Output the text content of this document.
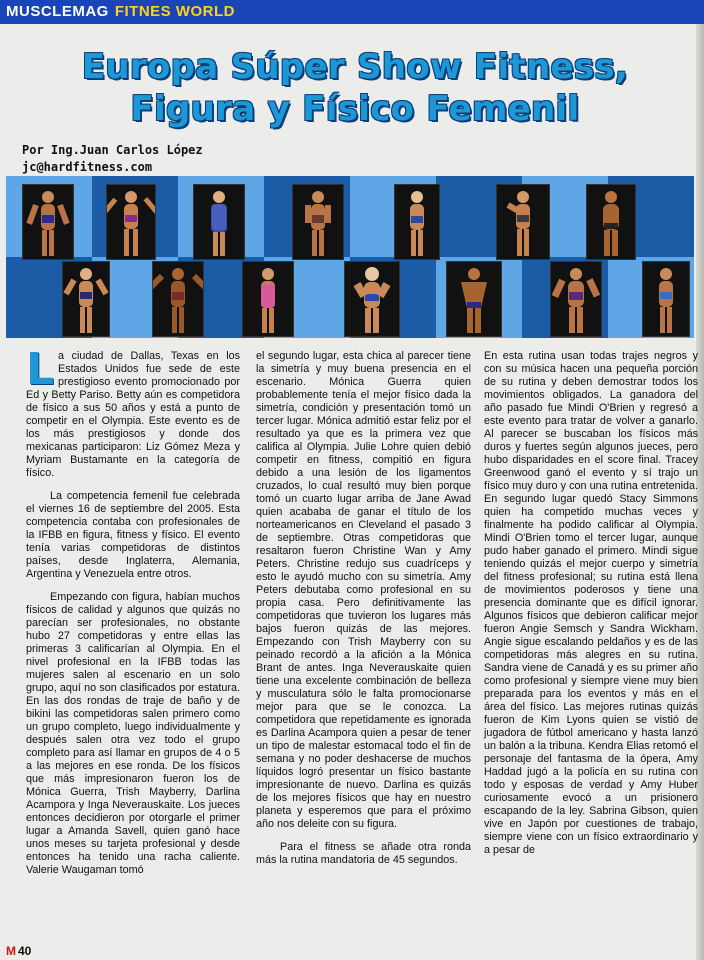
MUSCLEMAG FITNES WORLD
Europa Súper Show Fitness,
Figura y Físico Femenil
Por Ing.Juan Carlos López
jc@hardfitness.com

La ciudad de Dallas, Texas en los Estados Unidos fue sede de este prestigioso evento promocionado por Ed y Betty Pariso. Betty aún es competidora de físico a sus 50 años y está a punto de competir en el Olympia. Este evento es de los más prestigiosos y donde dos mexicanas participaron: Liz Gómez Meza y Myriam Bustamante en la categoría de físico.

La competencia femenil fue celebrada el viernes 16 de septiembre del 2005. Esta competencia contaba con profesionales de la IFBB en figura, fitness y físico. El evento tenía varias competidoras de distintos países, desde Inglaterra, Alemania, Argentina y Venezuela entre otros.

Empezando con figura, habían muchos físicos de calidad y algunos que quizás no parecían ser profesionales, no obstante hubo 27 competidoras y entre ellas las primeras 3 calificarían al Olympia. En el nivel profesional en la IFBB todas las mujeres salen al escenario en un solo grupo, aquí no son clasificados por estatura. En las dos rondas de traje de baño y de bikini las competidoras salen primero como un grupo completo, luego individualmente y después salen otra vez todo el grupo completo para así llamar en grupos de 4 o 5 a las mejores en ese ronda. De los físicos que más impresionaron fueron los de Mónica Guerra, Trish Mayberry, Darlina Acampora y Inga Neverauskaite. Los jueces entonces decidieron por otorgarle el primer lugar a Amanda Savell, quien ganó hace unos meses su tarjeta profesional y desde entonces ha tenido una racha caliente. Valerie Waugaman tomó

el segundo lugar, esta chica al parecer tiene la simetría y muy buena presencia en el escenario. Mónica Guerra quien probablemente tenía el mejor físico dada la simetría, condición y presentación tomó un tercer lugar. Mónica admitió estar feliz por el resultado ya que es la primera vez que califica al Olympia. Julie Lohre quien debió competir en fitness, compitió en figura debido a una lesión de los ligamentos cruzados, lo cual resultó muy bien porque tomó un cuarto lugar arriba de Jane Awad quien acababa de ganar el título de los norteamericanos en Cleveland el pasado 3 de septiembre. Otras competidoras que resaltaron fueron Christine Wan y Amy Peters. Christine redujo sus cuadríceps y esto le ayudó mucho con su simetría. Amy Peters debutaba como profesional en su propia casa. Pero definitivamente las competidoras que tuvieron los lugares más bajos fueron quizás de las mejores. Empezando con Trish Mayberry con su peinado recordó a la afición a la Mónica Brant de antes. Inga Neverauskaite quien tiene una excelente combinación de belleza y musculatura sólo le falta promocionarse mejor para que se le conozca. La competidora que repetidamente es ignorada es Darlina Acampora quien a pesar de tener un tipo de malestar estomacal todo el fin de semana y no poder deshacerse de muchos líquidos logró presentar un físico bastante impresionante de nuevo. Darlina es quizás de los mejores físicos que hay en nuestro planeta y esperemos que para el próximo año nos deleite con su figura.

Para el fitness se añade otra ronda más la rutina mandatoria de 45 segundos.

En esta rutina usan todas trajes negros y con su música hacen una pequeña porción de su rutina y deben demostrar todos los movimientos obligados. La ganadora del año pasado fue Mindi O'Brien y regresó a este evento para tratar de volver a ganarlo. Al parecer se buscaban los físicos más duros y fuertes según algunos jueces, pero hubo disparidades en el score final. Tracey Greenwood ganó el evento y sí trajo un físico muy duro y con una rutina entretenida. En segundo lugar quedó Stacy Simmons quien ha competido muchas veces y finalmente ha podido calificar al Olympia. Mindi O'Brien tomo el tercer lugar, aunque pudo haber ganado el primero. Mindi sigue teniendo quizás el mejor cuerpo y simetría del fitness profesional; su rutina está llena de movimientos poderosos y tiene una presencia dominante que es difícil ignorar. Algunos físicos que debieron calificar mejor fueron Angie Semsch y Sandra Wickham. Angie sigue escalando peldaños y es de las competidoras más alegres en su rutina. Sandra viene de Canadá y es su primer año como profesional y siempre viene muy bien preparada para los eventos y más en el área del físico. Las mejores rutinas quizás fueron de Kim Lyons quien se vistió de jugadora de fútbol americano y hasta lanzó un balón a la tribuna. Kendra Elias retomó el personaje del fantasma de la ópera, Amy Haddad jugó a la policía en su rutina con todo y esposas de verdad y Amy Huber curiosamente evocó a un prisionero escapando de la ley. Sabrina Gibson, quien vive en Japón por cuestiones de trabajo, siempre viene con un físico extraordinario y a pesar de

M 40
